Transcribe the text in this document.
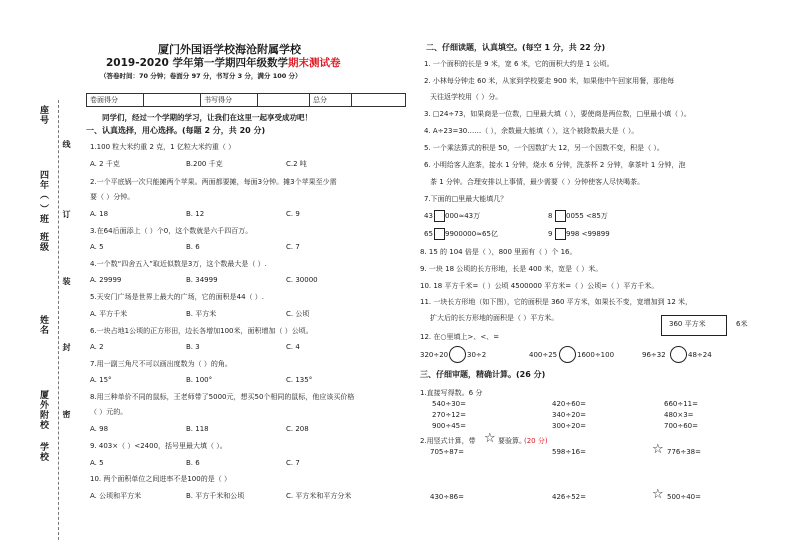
座号
线
四年（ ）班
班级
订
装
姓名
封
厦外附校 密
学校
厦门外国语学校海沧附属学校
2019-2020 学年第一学期四年级数学期末测试卷
（答卷时间：70 分钟；卷面分 97 分，书写分 3 分，满分 100 分）
卷面得分		书写得分		总分	
同学们，经过一个学期的学习，让我们在这里一起享受成功吧！
一、认真选择，用心选择。(每题 2 分，共 20 分)
1.100 粒大米约重 2 克，1 亿粒大米约重（ ）
A. 2 千克	B.200 千克	C.2 吨
2.一个平底锅一次只能摊两个苹果。两面都要摊，每面3分钟。摊3个苹果至少需
要（ ）分钟。
A. 18	B. 12	C. 9
3.在64后面添上（ ）个0，这个数就是六千四百万。
A. 5	B. 6	C. 7
4.一个数“四舍五入”取近似数是3万，这个数最大是（ ）.
A. 29999	B. 34999	C. 30000
5.天安门广场是世界上最大的广场，它的面积是44（ ）.
A. 平方千米	B. 平方米	C. 公顷
6.一块占地1公顷的正方形田，边长各增加100米，面积增加（ ）公顷。
A. 2	B. 3	C. 4
7.用一副三角尺不可以画出度数为（ ）的角。
A. 15°	B. 100°	C. 135°
8.用三种单价不同的鼠标，王老师带了5000元，想买50个相同的鼠标，他应该买价格
（ ）元的。
A. 98	B. 118	C. 208
9. 403×（ ）<2400，括号里最大填（ ）。
A. 5	B. 6	C. 7
10. 两个面积单位之间进率不是100的是（ ）
A. 公顷和平方米	B. 平方千米和公顷	C. 平方米和平方分米
二、仔细读题，认真填空。(每空 1 分，共 22 分)
1. 一个面积的长是 9 米，宽 6 米，它的面积大约是 1 公顷。
2. 小林每分钟走 60 米，从家到学校要走 900 米，如果他中午回家用餐，那他每
天往返学校用（ ）分。
3. □24÷73，如果商是一位数，□里最大填（ ），要使商是两位数，□里最小填（ ）。
4. A÷23=30……（ ），余数最大能填（ ），这个被除数最大是（ ）。
5. 一个乘法算式的积是 50，一个因数扩大 12，另一个因数不变，积是（ ）。
6. 小明给客人泡茶，接水 1 分钟，烧水 6 分钟，洗茶杯 2 分钟，拿茶叶 1 分钟，泡
茶 1 分钟。合理安排以上事情，最少需要（ ）分钟使客人尽快喝茶。
7.下面的□里最大能填几？
43 000≈43万	8 0055 <85万
65 9900000≈65亿	9 998 <99899
8. 15 的 104 倍是（ ），800 里面有（ ）个 16。
9. 一块 18 公顷的长方形地，长是 400 米，宽是（ ）米。
10. 18 平方千米=（ ）公顷 4500000 平方米=（ ）公顷=（ ）平方千米。
11. 一块长方形地（如下图），它的面积是 360 平方米，如果长不变，宽增加到 12 米，
扩大后的长方形地的面积是（ ）平方米。
360 平方米	6米
12. 在○里填上>、<、=
320÷20	30÷2	400÷25	1600÷100	96÷32	48÷24
三、仔细审题，精确计算。(26 分)
1.直接写得数。6 分
540÷30=	420÷60=	660÷11=
270÷12=	340÷20=	480×3=
900÷45=	300÷20=	700÷60=
2.用竖式计算，带 ☆ 要验算。
(20 分)
705÷87=	598÷16=	☆ 776÷38=
430÷86=	426÷52=	☆ 500÷40=
